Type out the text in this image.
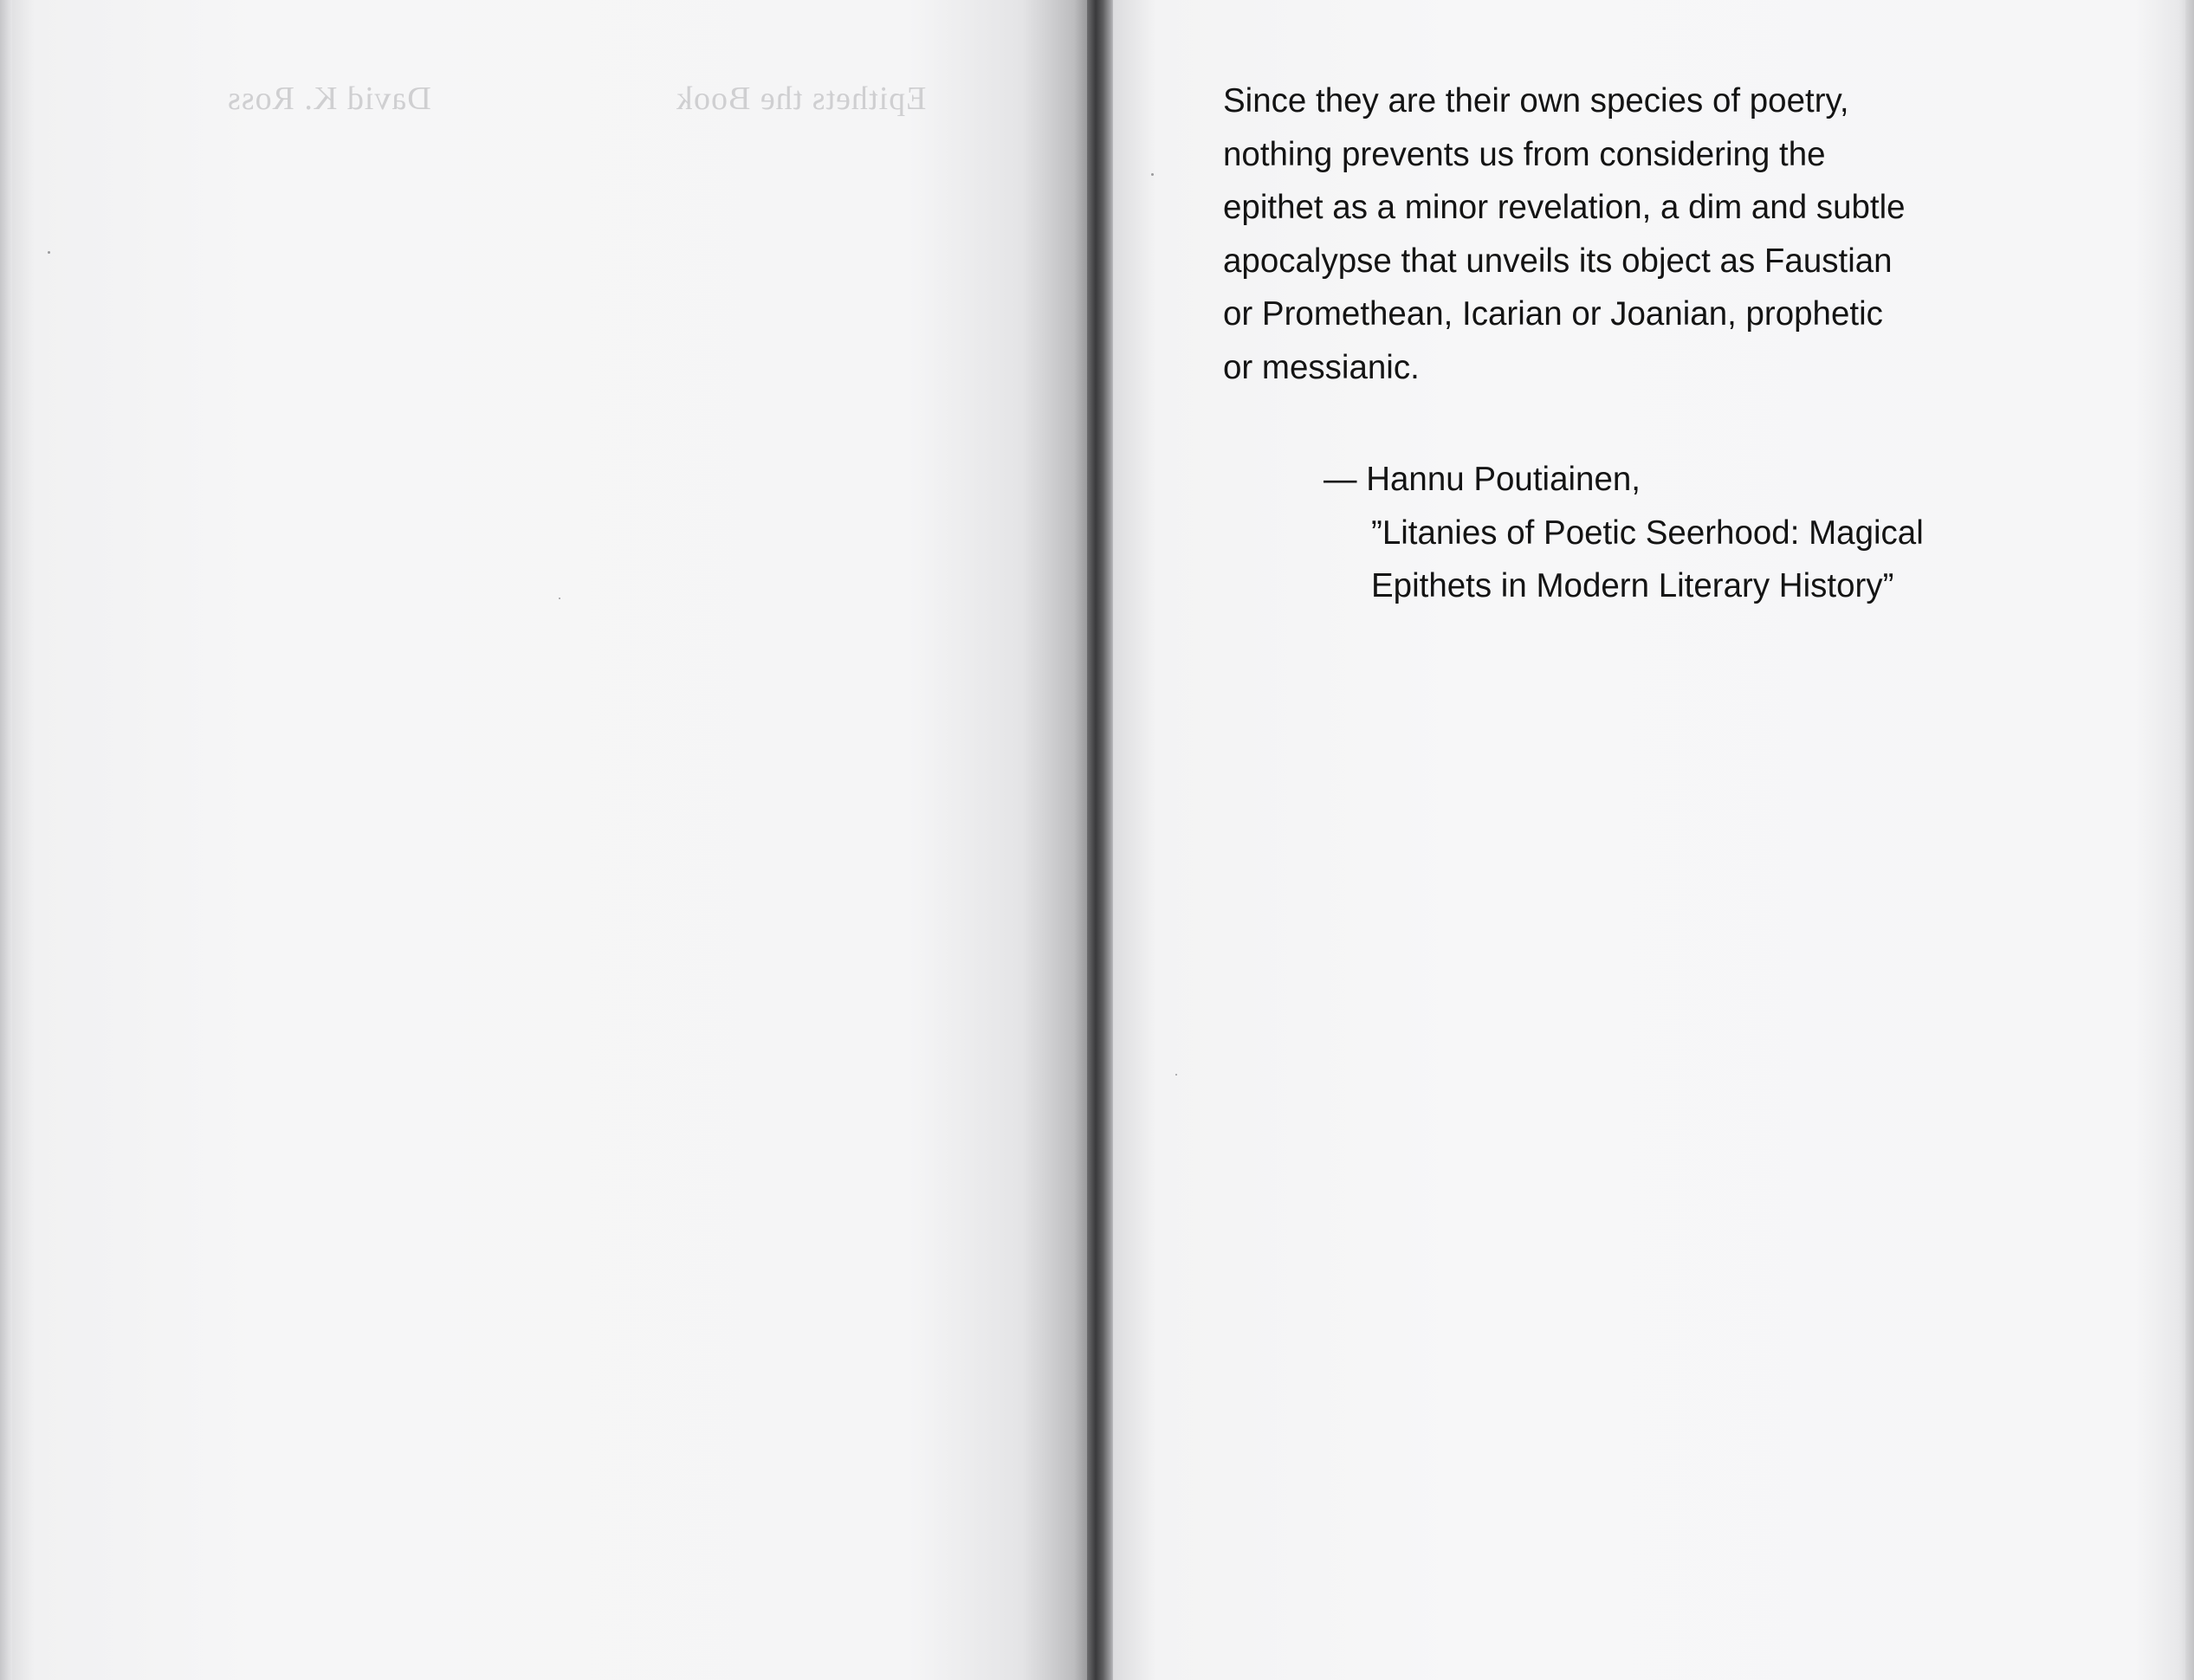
Epithets the Book
David K. Ross	Since they are their own species of poetry,
nothing prevents us from considering the
epithet as a minor revelation, a dim and subtle
apocalypse that unveils its object as Faustian
or Promethean, Icarian or Joanian, prophetic
or messianic.
— Hannu Poutiainen,
”Litanies of Poetic Seerhood: Magical
Epithets in Modern Literary History”
